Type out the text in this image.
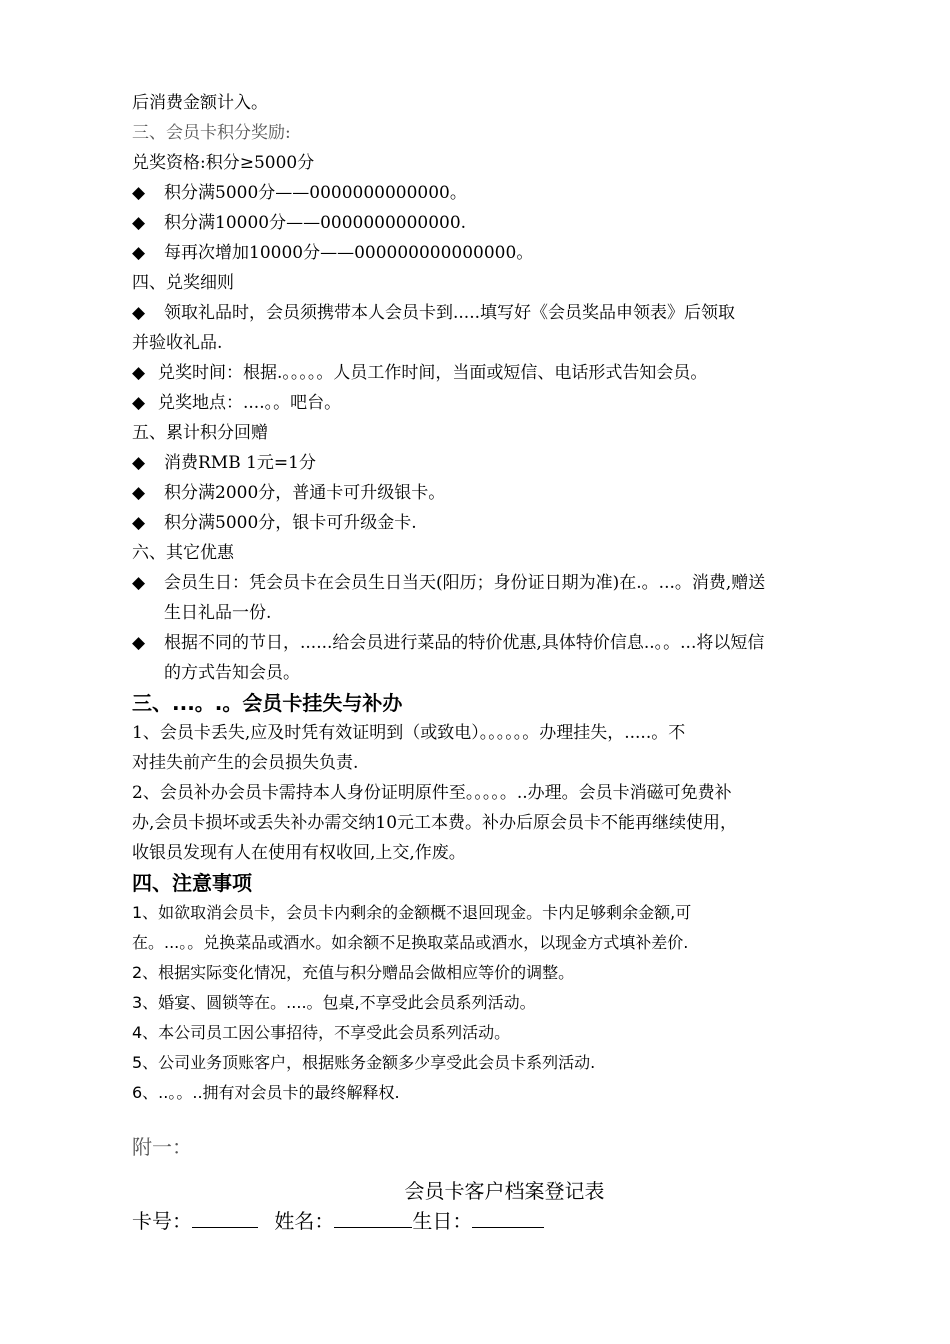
后消费金额计入。
三、会员卡积分奖励:
兑奖资格:积分≥5000分
◆ 积分满5000分——0000000000000。
◆ 积分满10000分——0000000000000.
◆ 每再次增加10000分——000000000000000。
四、兑奖细则
◆ 领取礼品时，会员须携带本人会员卡到.....填写好《会员奖品申领表》后领取
并验收礼品.
◆ 兑奖时间：根据.。。。。。人员工作时间，当面或短信、电话形式告知会员。
◆ 兑奖地点：....。。吧台。
五、累计积分回赠
◆ 消费RMB 1元=1分
◆ 积分满2000分，普通卡可升级银卡。
◆ 积分满5000分，银卡可升级金卡.
六、其它优惠
◆ 会员生日：凭会员卡在会员生日当天(阳历；身份证日期为准)在.。...。消费,赠送
生日礼品一份.
◆ 根据不同的节日，......给会员进行菜品的特价优惠,具体特价信息..。。...将以短信
的方式告知会员。
三、...。.。会员卡挂失与补办
1、会员卡丢失,应及时凭有效证明到（或致电）。。。。。。办理挂失，.....。不
对挂失前产生的会员损失负责.
2、会员补办会员卡需持本人身份证明原件至。。。。。..办理。会员卡消磁可免费补
办,会员卡损坏或丢失补办需交纳10元工本费。补办后原会员卡不能再继续使用，
收银员发现有人在使用有权收回,上交,作废。
四、注意事项
1、如欲取消会员卡，会员卡内剩余的金额概不退回现金。卡内足够剩余金额,可
在。...。。兑换菜品或酒水。如余额不足换取菜品或酒水，以现金方式填补差价.
2、根据实际变化情况，充值与积分赠品会做相应等价的调整。
3、婚宴、圆锁等在。....。包桌,不享受此会员系列活动。
4、本公司员工因公事招待，不享受此会员系列活动。
5、公司业务顶账客户，根据账务金额多少享受此会员卡系列活动.
6、..。。..拥有对会员卡的最终解释权.
附一：
会员卡客户档案登记表
卡号：	姓名：	生日：
